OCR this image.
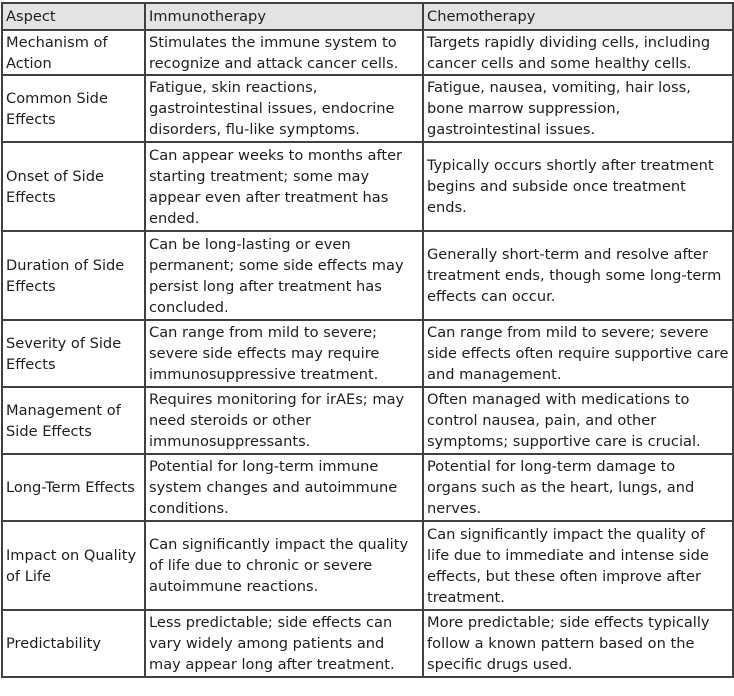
Aspect	Immunotherapy	Chemotherapy
Mechanism of Action	Stimulates the immune system to recognize and attack cancer cells.	Targets rapidly dividing cells, including cancer cells and some healthy cells.
Common Side Effects	Fatigue, skin reactions, gastrointestinal issues, endocrine disorders, flu-like symptoms.	Fatigue, nausea, vomiting, hair loss, bone marrow suppression, gastrointestinal issues.
Onset of Side Effects	Can appear weeks to months after starting treatment; some may appear even after treatment has ended.	Typically occurs shortly after treatment begins and subside once treatment ends.
Duration of Side Effects	Can be long-lasting or even permanent; some side effects may persist long after treatment has concluded.	Generally short-term and resolve after treatment ends, though some long-term effects can occur.
Severity of Side Effects	Can range from mild to severe; severe side effects may require immunosuppressive treatment.	Can range from mild to severe; severe side effects often require supportive care and management.
Management of Side Effects	Requires monitoring for irAEs; may need steroids or other immunosuppressants.	Often managed with medications to control nausea, pain, and other symptoms; supportive care is crucial.
Long-Term Effects	Potential for long-term immune system changes and autoimmune conditions.	Potential for long-term damage to organs such as the heart, lungs, and nerves.
Impact on Quality of Life	Can significantly impact the quality of life due to chronic or severe autoimmune reactions.	Can significantly impact the quality of life due to immediate and intense side effects, but these often improve after treatment.
Predictability	Less predictable; side effects can vary widely among patients and may appear long after treatment.	More predictable; side effects typically follow a known pattern based on the specific drugs used.
